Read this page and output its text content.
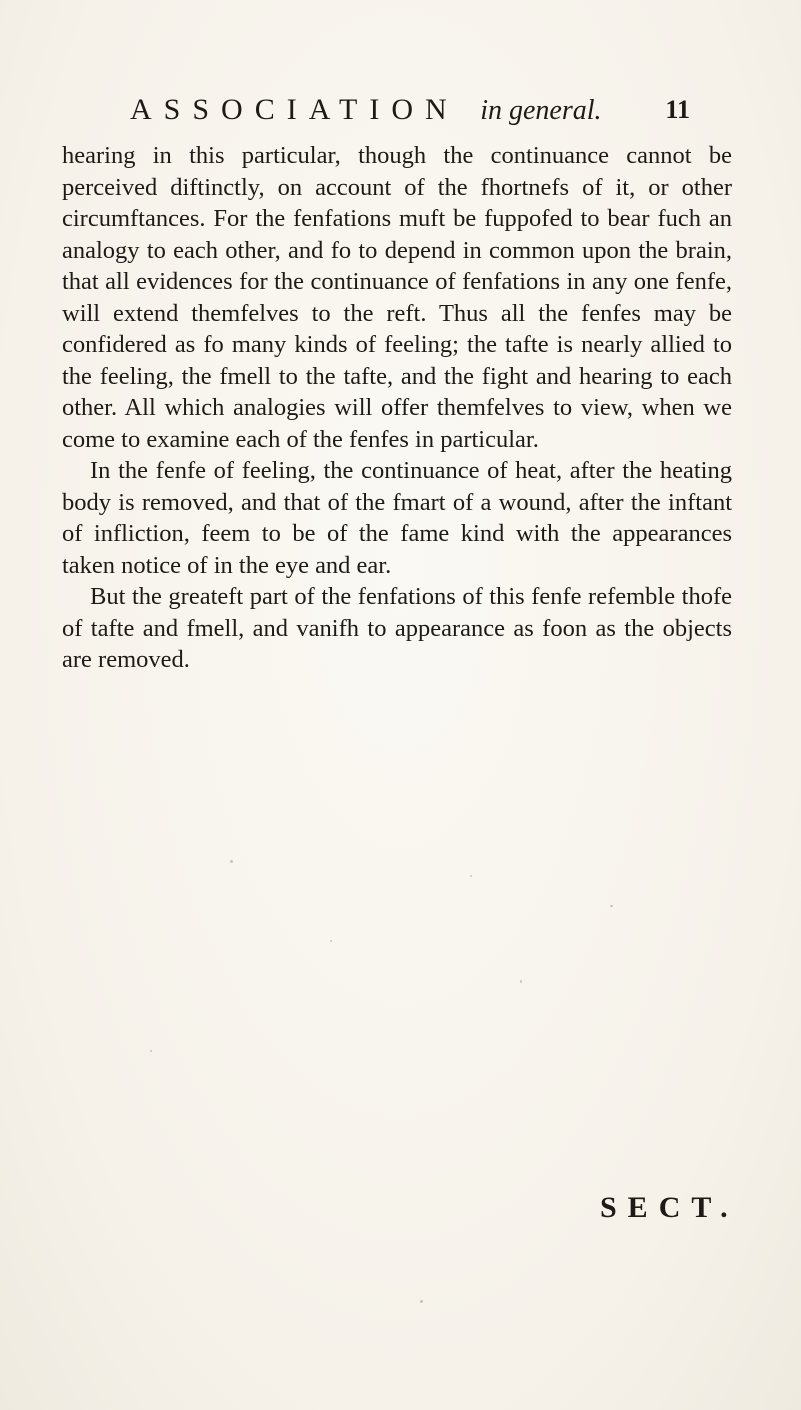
ASSOCIATION in general. 11

hearing in this particular, though the continuance cannot be perceived diftinctly, on account of the fhortnefs of it, or other circumftances. For the fenfations muft be fuppofed to bear fuch an analogy to each other, and fo to depend in common upon the brain, that all evidences for the continuance of fenfations in any one fenfe, will extend themfelves to the reft. Thus all the fenfes may be confidered as fo many kinds of feeling; the tafte is nearly allied to the feeling, the fmell to the tafte, and the fight and hearing to each other. All which analogies will offer themfelves to view, when we come to examine each of the fenfes in particular.

In the fenfe of feeling, the continuance of heat, after the heating body is removed, and that of the fmart of a wound, after the inftant of infliction, feem to be of the fame kind with the appearances taken notice of in the eye and ear.

But the greateft part of the fenfations of this fenfe refemble thofe of tafte and fmell, and vanifh to appearance as foon as the objects are removed.

SECT.
